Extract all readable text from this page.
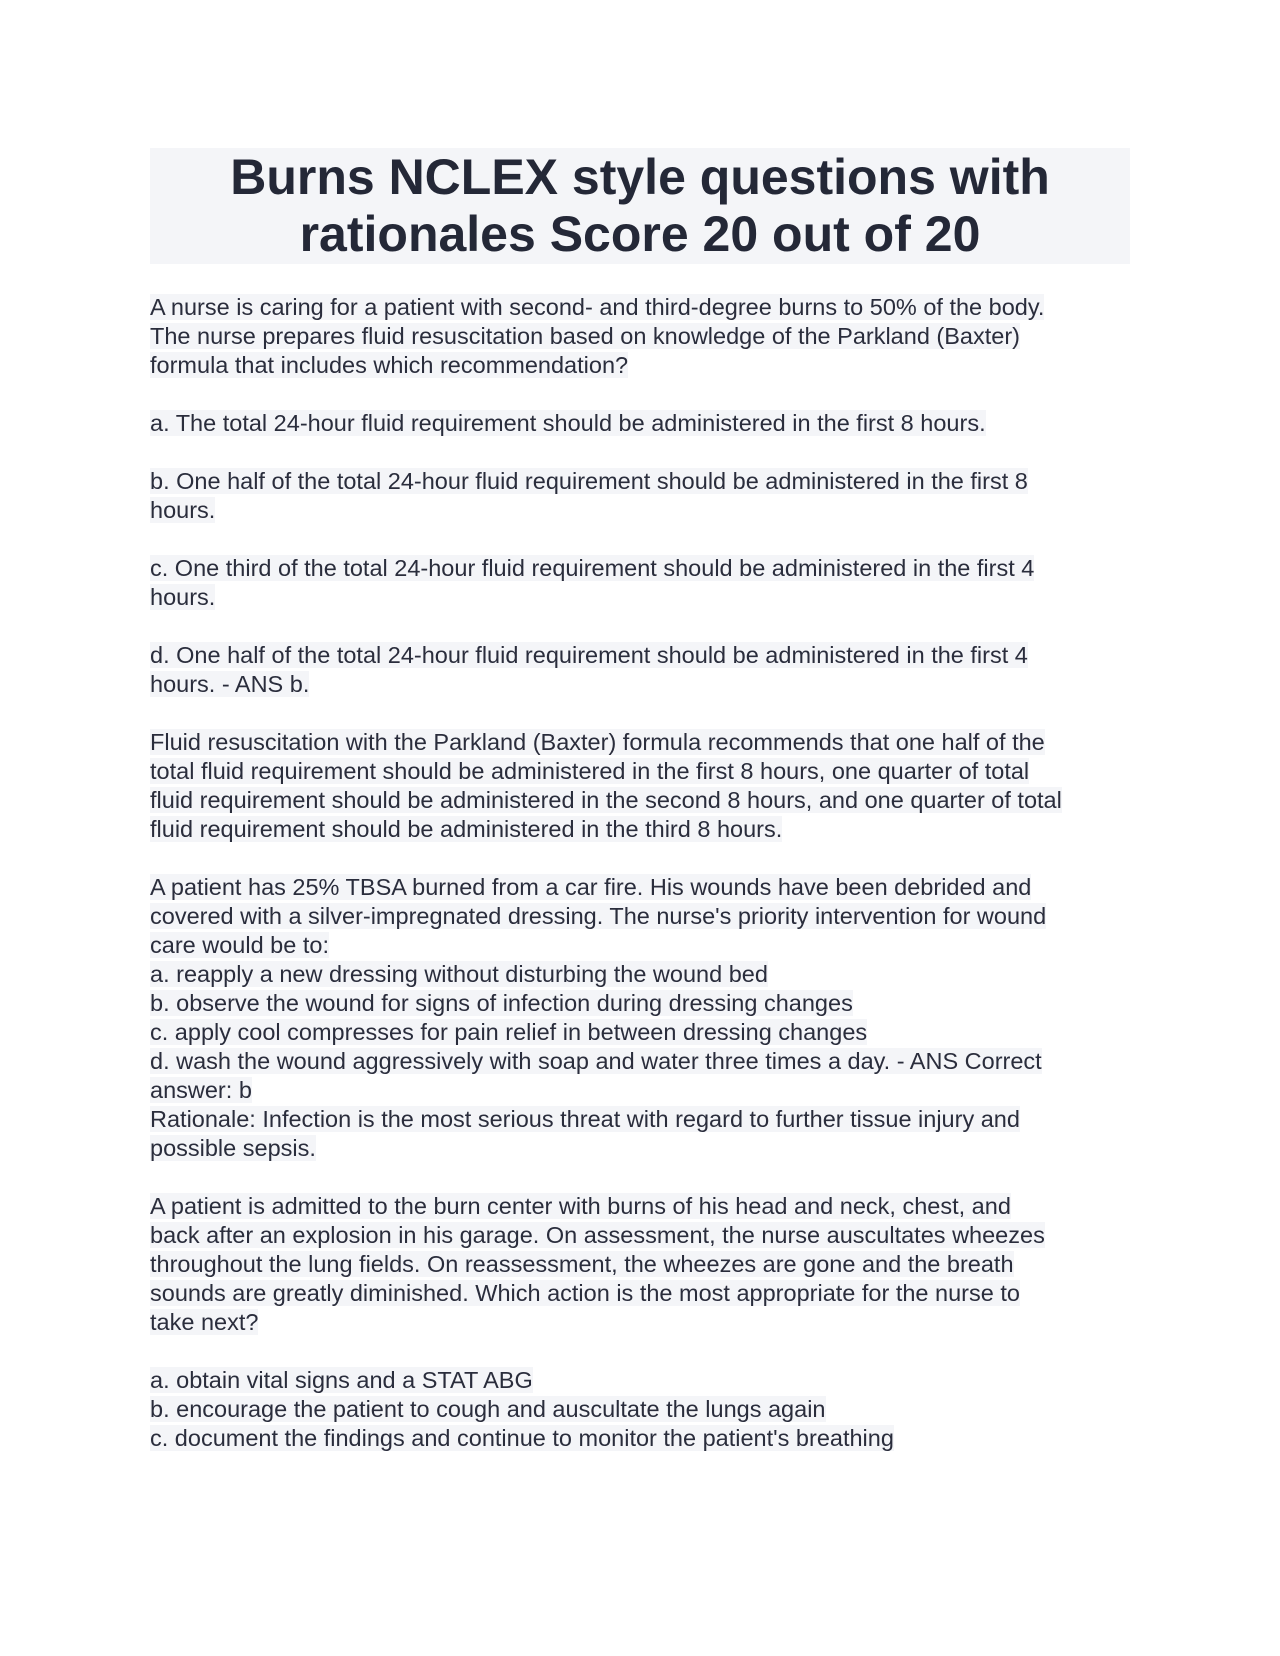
Burns NCLEX style questions with
rationales Score 20 out of 20

A nurse is caring for a patient with second- and third-degree burns to 50% of the body.
The nurse prepares fluid resuscitation based on knowledge of the Parkland (Baxter)
formula that includes which recommendation?

a. The total 24-hour fluid requirement should be administered in the first 8 hours.

b. One half of the total 24-hour fluid requirement should be administered in the first 8
hours.

c. One third of the total 24-hour fluid requirement should be administered in the first 4
hours.

d. One half of the total 24-hour fluid requirement should be administered in the first 4
hours. - ANS b.

Fluid resuscitation with the Parkland (Baxter) formula recommends that one half of the
total fluid requirement should be administered in the first 8 hours, one quarter of total
fluid requirement should be administered in the second 8 hours, and one quarter of total
fluid requirement should be administered in the third 8 hours.

A patient has 25% TBSA burned from a car fire. His wounds have been debrided and
covered with a silver-impregnated dressing. The nurse's priority intervention for wound
care would be to:
a. reapply a new dressing without disturbing the wound bed
b. observe the wound for signs of infection during dressing changes
c. apply cool compresses for pain relief in between dressing changes
d. wash the wound aggressively with soap and water three times a day. - ANS Correct
answer: b
Rationale: Infection is the most serious threat with regard to further tissue injury and
possible sepsis.

A patient is admitted to the burn center with burns of his head and neck, chest, and
back after an explosion in his garage. On assessment, the nurse auscultates wheezes
throughout the lung fields. On reassessment, the wheezes are gone and the breath
sounds are greatly diminished. Which action is the most appropriate for the nurse to
take next?

a. obtain vital signs and a STAT ABG
b. encourage the patient to cough and auscultate the lungs again
c. document the findings and continue to monitor the patient's breathing
